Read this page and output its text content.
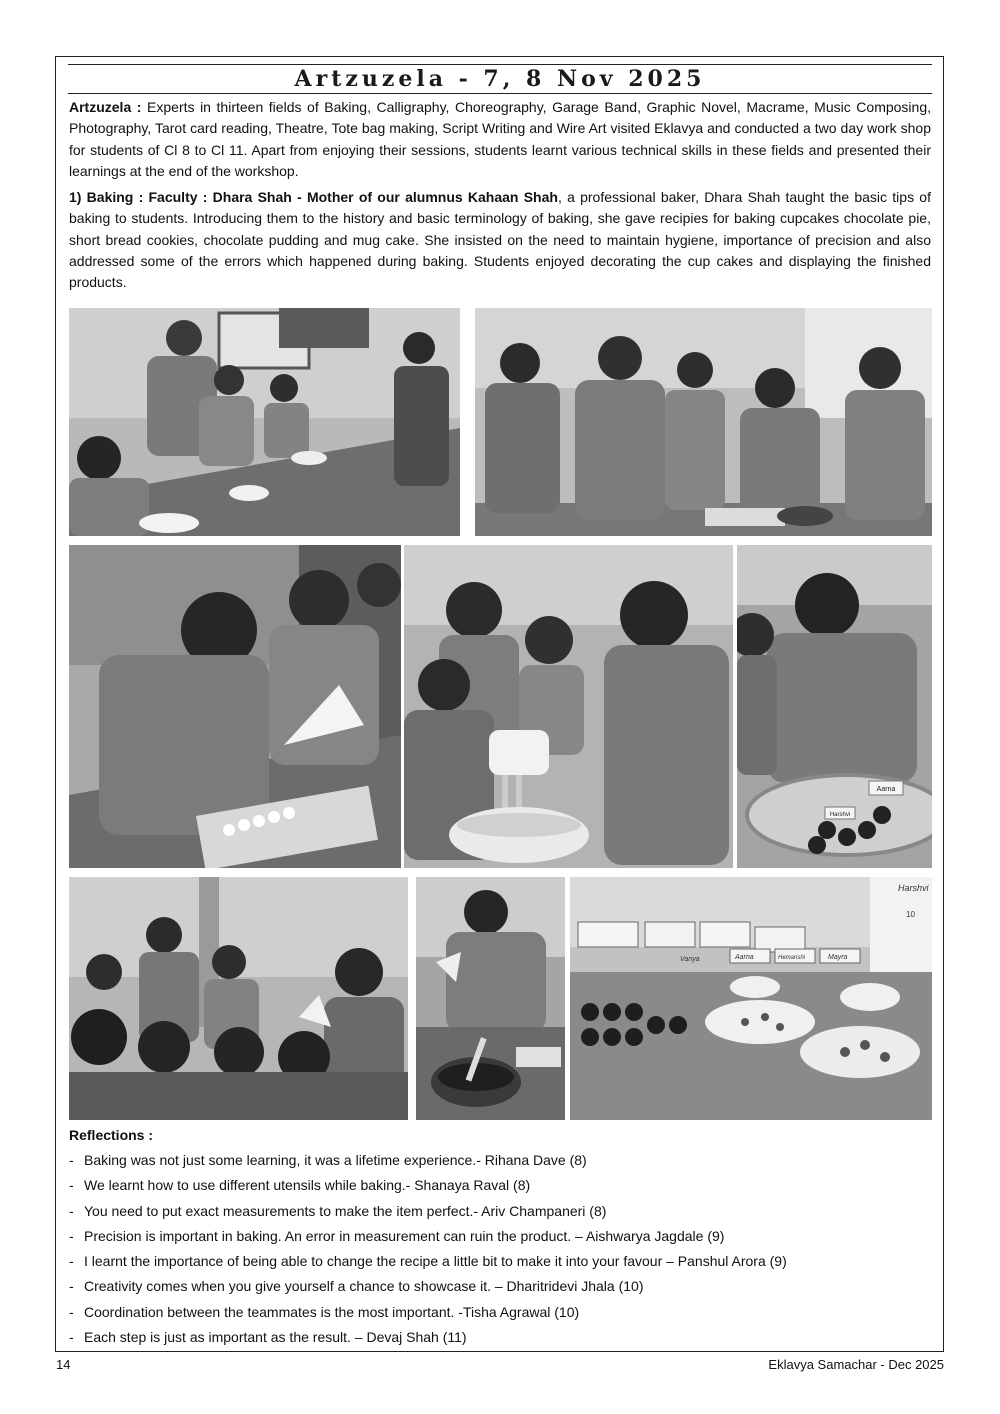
Artzuzela - 7, 8 Nov 2025

Artzuzela : Experts in thirteen fields of Baking, Calligraphy, Choreography, Garage Band, Graphic Novel, Macrame, Music Composing, Photography, Tarot card reading, Theatre, Tote bag making, Script Writing and Wire Art visited Eklavya and conducted a two day work shop for students of Cl 8 to Cl 11. Apart from enjoying their sessions, students learnt various technical skills in these fields and presented their learnings at the end of the workshop.

1) Baking : Faculty : Dhara Shah - Mother of our alumnus Kahaan Shah, a professional baker, Dhara Shah taught the basic tips of baking to students. Introducing them to the history and basic terminology of baking, she gave recipies for baking cupcakes chocolate pie, short bread cookies, chocolate pudding and mug cake. She insisted on the need to maintain hygiene, importance of precision and also addressed some of the errors which happened during baking. Students enjoyed decorating the cup cakes and displaying the finished products.

Aarna
Harshvi
Harshvi
10
Vanya	Aarna	Hemanshi	Mayra
Reflections :
- Baking was not just some learning, it was a lifetime experience.- Rihana Dave (8)
- We learnt how to use different utensils while baking.- Shanaya Raval (8)
- You need to put exact measurements to make the item perfect.- Ariv Champaneri (8)
- Precision is important in baking. An error in measurement can ruin the product. – Aishwarya Jagdale (9)
- I learnt the importance of being able to change the recipe a little bit to make it into your favour – Panshul Arora (9)
- Creativity comes when you give yourself a chance to showcase it. – Dharitridevi Jhala (10)
- Coordination between the teammates is the most important. -Tisha Agrawal (10)
- Each step is just as important as the result. – Devaj Shah (11)
14	Eklavya Samachar - Dec 2025
